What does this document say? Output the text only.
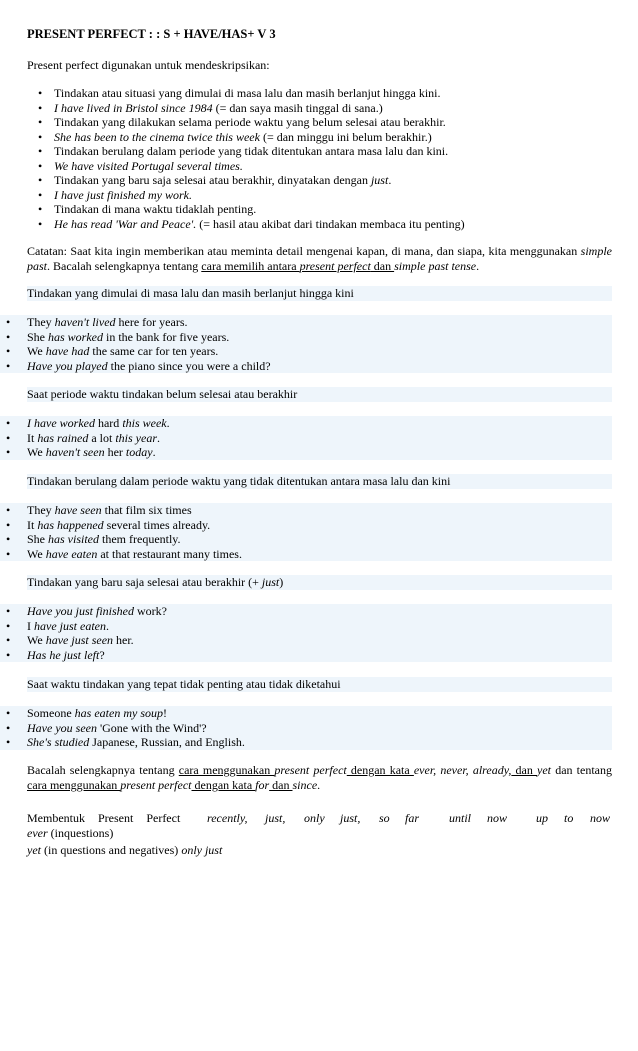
PRESENT PERFECT : : S + HAVE/HAS+ V 3
Present perfect digunakan untuk mendeskripsikan:
• Tindakan atau situasi yang dimulai di masa lalu dan masih berlanjut hingga kini.
• I have lived in Bristol since 1984 (= dan saya masih tinggal di sana.)
• Tindakan yang dilakukan selama periode waktu yang belum selesai atau berakhir.
• She has been to the cinema twice this week (= dan minggu ini belum berakhir.)
• Tindakan berulang dalam periode yang tidak ditentukan antara masa lalu dan kini.
• We have visited Portugal several times.
• Tindakan yang baru saja selesai atau berakhir, dinyatakan dengan just.
• I have just finished my work.
• Tindakan di mana waktu tidaklah penting.
• He has read 'War and Peace'. (= hasil atau akibat dari tindakan membaca itu penting)
Catatan: Saat kita ingin memberikan atau meminta detail mengenai kapan, di mana, dan siapa, kita menggunakan simple past. Bacalah selengkapnya tentang cara memilih antara present perfect dan simple past tense.
Tindakan yang dimulai di masa lalu dan masih berlanjut hingga kini
• They haven't lived here for years.
• She has worked in the bank for five years.
• We have had the same car for ten years.
• Have you played the piano since you were a child?
Saat periode waktu tindakan belum selesai atau berakhir
• I have worked hard this week.
• It has rained a lot this year.
• We haven't seen her today.
Tindakan berulang dalam periode waktu yang tidak ditentukan antara masa lalu dan kini
• They have seen that film six times
• It has happened several times already.
• She has visited them frequently.
• We have eaten at that restaurant many times.
Tindakan yang baru saja selesai atau berakhir (+ just)
• Have you just finished work?
• I have just eaten.
• We have just seen her.
• Has he just left?
Saat waktu tindakan yang tepat tidak penting atau tidak diketahui
• Someone has eaten my soup!
• Have you seen 'Gone with the Wind'?
• She's studied Japanese, Russian, and English.
Bacalah selengkapnya tentang cara menggunakan present perfect dengan kata ever, never, already, dan yet dan tentang cara menggunakan present perfect dengan kata for dan since.
Membentuk Present Perfect recently, just, only just, so far until now up to now
ever (inquestions)
yet (in questions and negatives) only just
